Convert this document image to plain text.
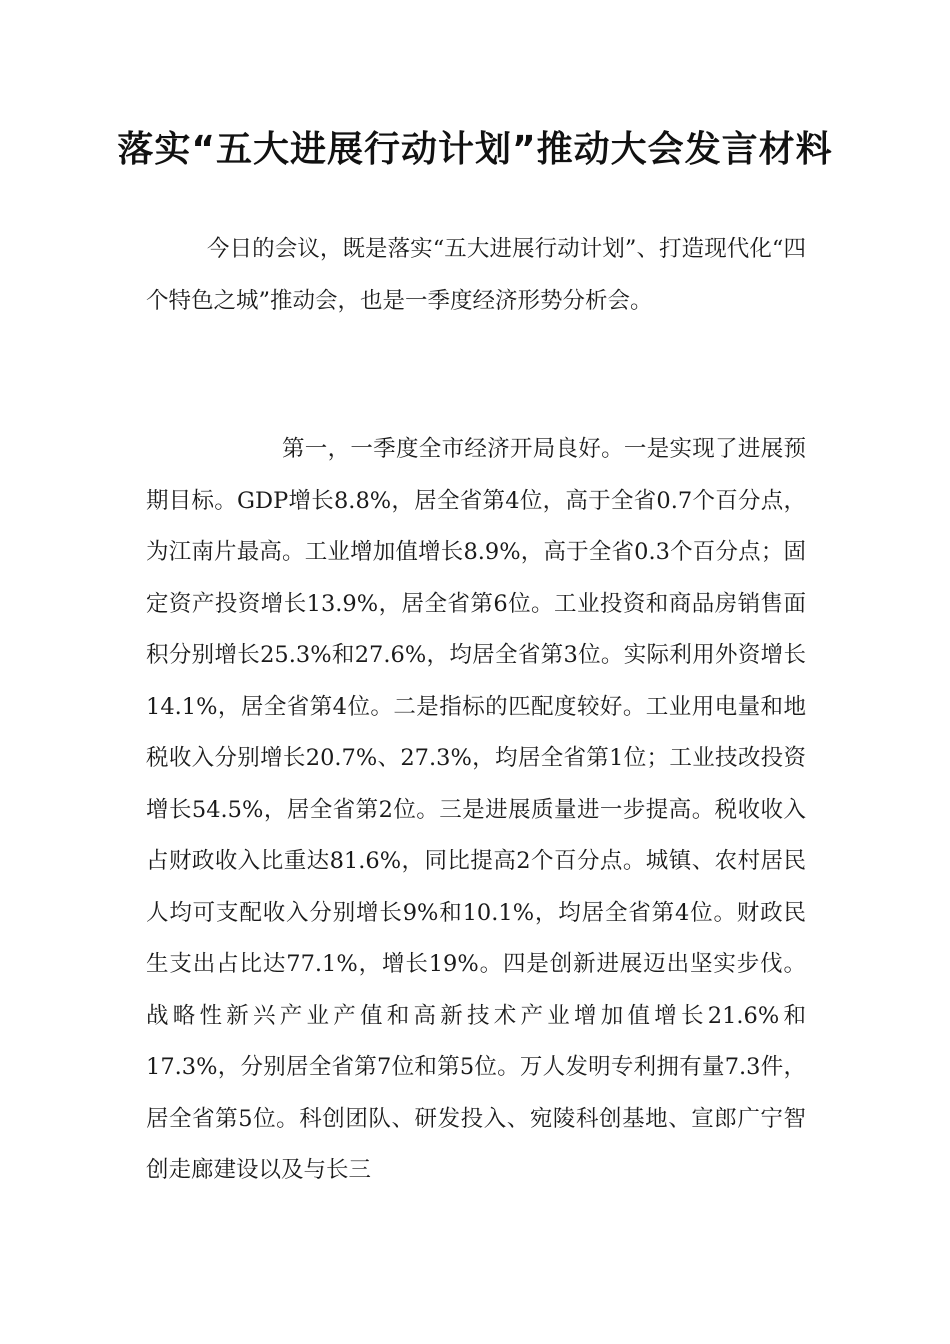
落实“五大进展行动计划”推动大会发言材料

今日的会议，既是落实“五大进展行动计划”、打造现代化“四个特色之城”推动会，也是一季度经济形势分析会。

第一，一季度全市经济开局良好。一是实现了进展预期目标。GDP增长8.8%，居全省第4位，高于全省0.7个百分点，为江南片最高。工业增加值增长8.9%，高于全省0.3个百分点；固定资产投资增长13.9%，居全省第6位。工业投资和商品房销售面积分别增长25.3%和27.6%，均居全省第3位。实际利用外资增长14.1%，居全省第4位。二是指标的匹配度较好。工业用电量和地税收入分别增长20.7%、27.3%，均居全省第1位；工业技改投资增长54.5%，居全省第2位。三是进展质量进一步提高。税收收入占财政收入比重达81.6%，同比提高2个百分点。城镇、农村居民人均可支配收入分别增长9%和10.1%，均居全省第4位。财政民生支出占比达77.1%，增长19%。四是创新进展迈出坚实步伐。战略性新兴产业产值和高新技术产业增加值增长21.6%和17.3%，分别居全省第7位和第5位。万人发明专利拥有量7.3件，居全省第5位。科创团队、研发投入、宛陵科创基地、宣郎广宁智创走廊建设以及与长三
